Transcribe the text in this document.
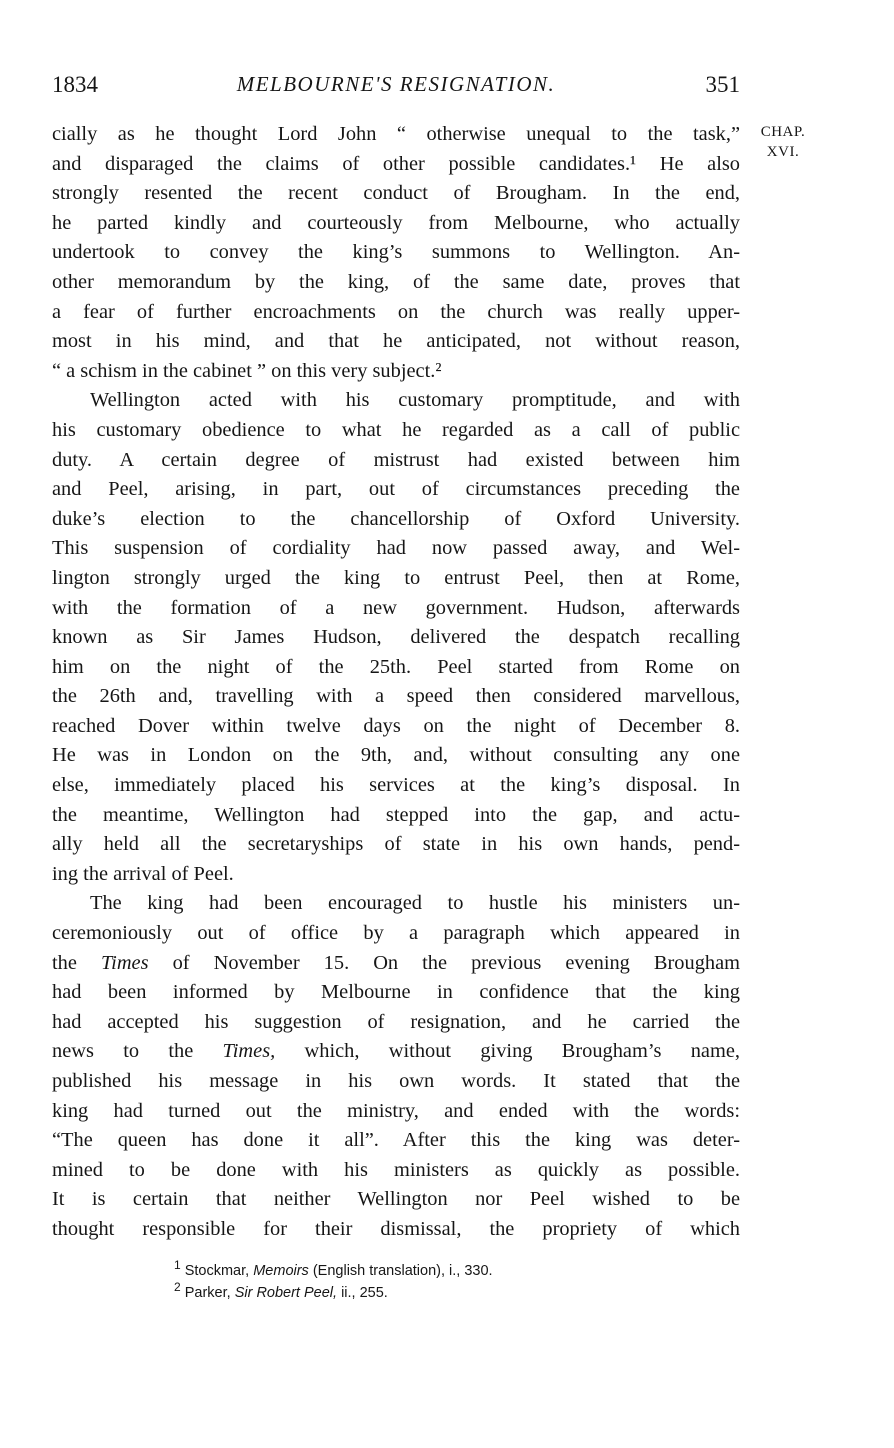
1834	MELBOURNE'S RESIGNATION.	351
CHAP.
XVI.
cially as he thought Lord John “ otherwise unequal to the task,”
and disparaged the claims of other possible candidates.¹ He also
strongly resented the recent conduct of Brougham. In the end,
he parted kindly and courteously from Melbourne, who actually
undertook to convey the king’s summons to Wellington. An-
other memorandum by the king, of the same date, proves that
a fear of further encroachments on the church was really upper-
most in his mind, and that he anticipated, not without reason,
“ a schism in the cabinet ” on this very subject.²
Wellington acted with his customary promptitude, and with
his customary obedience to what he regarded as a call of public
duty. A certain degree of mistrust had existed between him
and Peel, arising, in part, out of circumstances preceding the
duke’s election to the chancellorship of Oxford University.
This suspension of cordiality had now passed away, and Wel-
lington strongly urged the king to entrust Peel, then at Rome,
with the formation of a new government. Hudson, afterwards
known as Sir James Hudson, delivered the despatch recalling
him on the night of the 25th. Peel started from Rome on
the 26th and, travelling with a speed then considered marvellous,
reached Dover within twelve days on the night of December 8.
He was in London on the 9th, and, without consulting any one
else, immediately placed his services at the king’s disposal. In
the meantime, Wellington had stepped into the gap, and actu-
ally held all the secretaryships of state in his own hands, pend-
ing the arrival of Peel.
The king had been encouraged to hustle his ministers un-
ceremoniously out of office by a paragraph which appeared in
the Times of November 15. On the previous evening Brougham
had been informed by Melbourne in confidence that the king
had accepted his suggestion of resignation, and he carried the
news to the Times, which, without giving Brougham’s name,
published his message in his own words. It stated that the
king had turned out the ministry, and ended with the words:
“The queen has done it all”. After this the king was deter-
mined to be done with his ministers as quickly as possible.
It is certain that neither Wellington nor Peel wished to be
thought responsible for their dismissal, the propriety of which
$^1$ Stockmar, Memoirs (English translation), i., 330.
$^2$ Parker, Sir Robert Peel, ii., 255.
